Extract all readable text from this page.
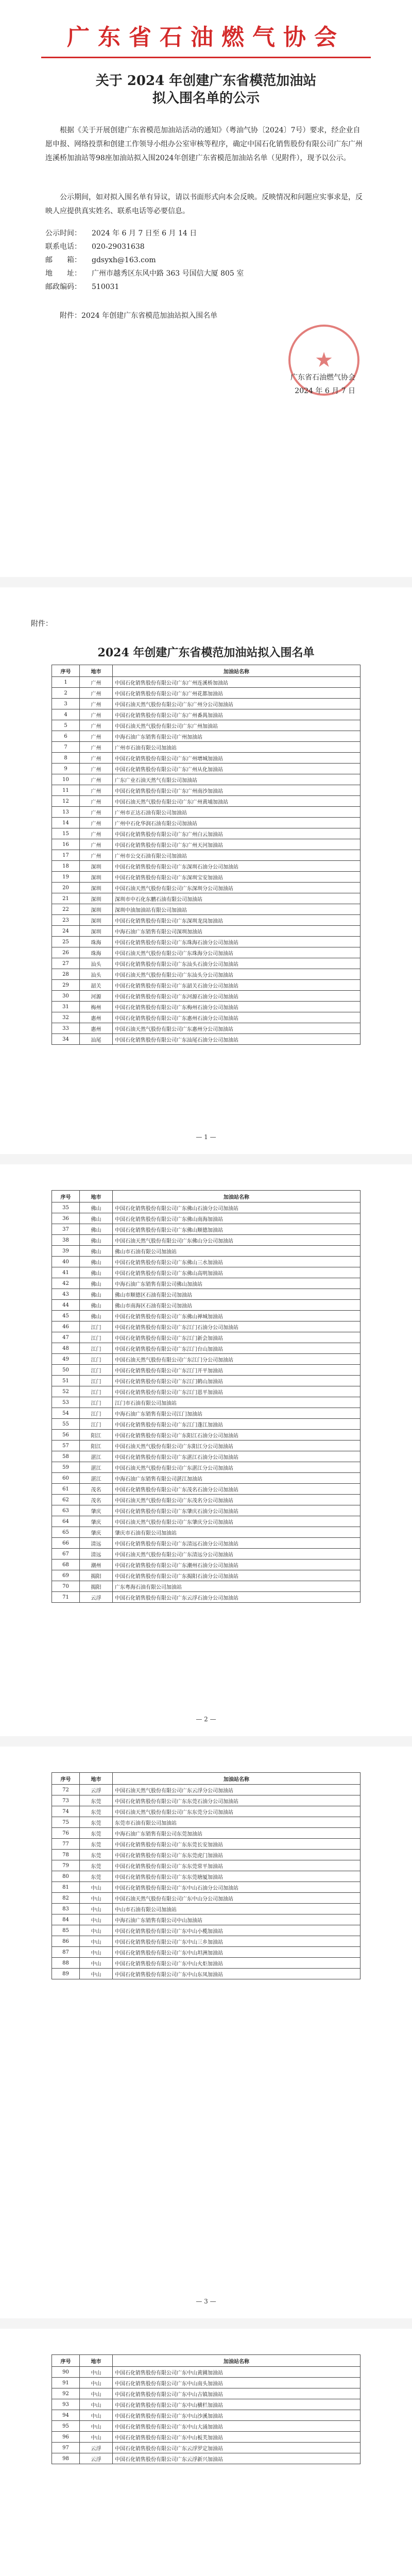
广东省石油燃气协会
关于 2024 年创建广东省模范加油站
拟入围名单的公示
根据《关于开展创建广东省模范加油站活动的通知》（粤油气协〔2024〕7号）要求，经企业自愿申报、网络投票和创建工作领导小组办公室审核等程序，确定中国石化销售股份有限公司广东广州连溪桥加油站等98座加油站拟入围2024年创建广东省模范加油站名单（见附件），现予以公示。
公示期间，如对拟入围名单有异议，请以书面形式向本会反映。反映情况和问题应实事求是，反映人应提供真实姓名、联系电话等必要信息。
公示时间：	2024 年 6 月 7 日至 6 月 14 日
联系电话：	020-29031638
邮　　箱：	gdsyxh@163.com
地　　址：	广州市越秀区东风中路 363 号国信大厦 805 室
邮政编码：	510031
附件：2024 年创建广东省模范加油站拟入围名单
★
广东省石油燃气协会
2024 年 6 月 7 日
附件：
2024 年创建广东省模范加油站拟入围名单
序号	地市	加油站名称
1	广州	中国石化销售股份有限公司广东广州连溪桥加油站
2	广州	中国石化销售股份有限公司广东广州花都加油站
3	广州	中国石油天然气股份有限公司广东广州分公司加油站
4	广州	中国石化销售股份有限公司广东广州番禺加油站
5	广州	中国石油天然气股份有限公司广东广州加油站
6	广州	中海石油广东销售有限公司广州加油站
7	广州	广州市石油有限公司加油站
8	广州	中国石化销售股份有限公司广东广州增城加油站
9	广州	中国石化销售股份有限公司广东广州从化加油站
10	广州	广东广业石油天然气有限公司加油站
11	广州	中国石化销售股份有限公司广东广州南沙加油站
12	广州	中国石油天然气股份有限公司广东广州黄埔加油站
13	广州	广州市正达石油有限公司加油站
14	广州	广州中石化华润石油有限公司加油站
15	广州	中国石化销售股份有限公司广东广州白云加油站
16	广州	中国石化销售股份有限公司广东广州天河加油站
17	广州	广州市公交石油有限公司加油站
18	深圳	中国石化销售股份有限公司广东深圳石油分公司加油站
19	深圳	中国石化销售股份有限公司广东深圳宝安加油站
20	深圳	中国石油天然气股份有限公司广东深圳分公司加油站
21	深圳	深圳市中石化东鹏石油有限公司加油站
22	深圳	深圳中油加油站有限公司加油站
23	深圳	中国石化销售股份有限公司广东深圳龙岗加油站
24	深圳	中海石油广东销售有限公司深圳加油站
25	珠海	中国石化销售股份有限公司广东珠海石油分公司加油站
26	珠海	中国石油天然气股份有限公司广东珠海分公司加油站
27	汕头	中国石化销售股份有限公司广东汕头石油分公司加油站
28	汕头	中国石油天然气股份有限公司广东汕头分公司加油站
29	韶关	中国石化销售股份有限公司广东韶关石油分公司加油站
30	河源	中国石化销售股份有限公司广东河源石油分公司加油站
31	梅州	中国石化销售股份有限公司广东梅州石油分公司加油站
32	惠州	中国石化销售股份有限公司广东惠州石油分公司加油站
33	惠州	中国石油天然气股份有限公司广东惠州分公司加油站
34	汕尾	中国石化销售股份有限公司广东汕尾石油分公司加油站
— 1 —
序号	地市	加油站名称
35	佛山	中国石化销售股份有限公司广东佛山石油分公司加油站
36	佛山	中国石化销售股份有限公司广东佛山南海加油站
37	佛山	中国石化销售股份有限公司广东佛山顺德加油站
38	佛山	中国石油天然气股份有限公司广东佛山分公司加油站
39	佛山	佛山市石油有限公司加油站
40	佛山	中国石化销售股份有限公司广东佛山三水加油站
41	佛山	中国石化销售股份有限公司广东佛山高明加油站
42	佛山	中海石油广东销售有限公司佛山加油站
43	佛山	佛山市顺德区石油有限公司加油站
44	佛山	佛山市南海区石油有限公司加油站
45	佛山	中国石化销售股份有限公司广东佛山禅城加油站
46	江门	中国石化销售股份有限公司广东江门石油分公司加油站
47	江门	中国石化销售股份有限公司广东江门新会加油站
48	江门	中国石化销售股份有限公司广东江门台山加油站
49	江门	中国石油天然气股份有限公司广东江门分公司加油站
50	江门	中国石化销售股份有限公司广东江门开平加油站
51	江门	中国石化销售股份有限公司广东江门鹤山加油站
52	江门	中国石化销售股份有限公司广东江门恩平加油站
53	江门	江门市石油有限公司加油站
54	江门	中海石油广东销售有限公司江门加油站
55	江门	中国石化销售股份有限公司广东江门蓬江加油站
56	阳江	中国石化销售股份有限公司广东阳江石油分公司加油站
57	阳江	中国石油天然气股份有限公司广东阳江分公司加油站
58	湛江	中国石化销售股份有限公司广东湛江石油分公司加油站
59	湛江	中国石油天然气股份有限公司广东湛江分公司加油站
60	湛江	中海石油广东销售有限公司湛江加油站
61	茂名	中国石化销售股份有限公司广东茂名石油分公司加油站
62	茂名	中国石油天然气股份有限公司广东茂名分公司加油站
63	肇庆	中国石化销售股份有限公司广东肇庆石油分公司加油站
64	肇庆	中国石油天然气股份有限公司广东肇庆分公司加油站
65	肇庆	肇庆市石油有限公司加油站
66	清远	中国石化销售股份有限公司广东清远石油分公司加油站
67	清远	中国石油天然气股份有限公司广东清远分公司加油站
68	潮州	中国石化销售股份有限公司广东潮州石油分公司加油站
69	揭阳	中国石化销售股份有限公司广东揭阳石油分公司加油站
70	揭阳	广东粤海石油有限公司加油站
71	云浮	中国石化销售股份有限公司广东云浮石油分公司加油站
— 2 —
序号	地市	加油站名称
72	云浮	中国石油天然气股份有限公司广东云浮分公司加油站
73	东莞	中国石化销售股份有限公司广东东莞石油分公司加油站
74	东莞	中国石油天然气股份有限公司广东东莞分公司加油站
75	东莞	东莞市石油有限公司加油站
76	东莞	中海石油广东销售有限公司东莞加油站
77	东莞	中国石化销售股份有限公司广东东莞长安加油站
78	东莞	中国石化销售股份有限公司广东东莞虎门加油站
79	东莞	中国石化销售股份有限公司广东东莞常平加油站
80	东莞	中国石化销售股份有限公司广东东莞塘厦加油站
81	中山	中国石化销售股份有限公司广东中山石油分公司加油站
82	中山	中国石油天然气股份有限公司广东中山分公司加油站
83	中山	中山市石油有限公司加油站
84	中山	中海石油广东销售有限公司中山加油站
85	中山	中国石化销售股份有限公司广东中山小榄加油站
86	中山	中国石化销售股份有限公司广东中山三乡加油站
87	中山	中国石化销售股份有限公司广东中山坦洲加油站
88	中山	中国石化销售股份有限公司广东中山火炬加油站
89	中山	中国石化销售股份有限公司广东中山东凤加油站
— 3 —
序号	地市	加油站名称
90	中山	中国石化销售股份有限公司广东中山黄圃加油站
91	中山	中国石化销售股份有限公司广东中山南头加油站
92	中山	中国石化销售股份有限公司广东中山古镇加油站
93	中山	中国石化销售股份有限公司广东中山横栏加油站
94	中山	中国石化销售股份有限公司广东中山沙溪加油站
95	中山	中国石化销售股份有限公司广东中山大涌加油站
96	中山	中国石化销售股份有限公司广东中山板芙加油站
97	云浮	中国石化销售股份有限公司广东云浮罗定加油站
98	云浮	中国石化销售股份有限公司广东云浮新兴加油站
